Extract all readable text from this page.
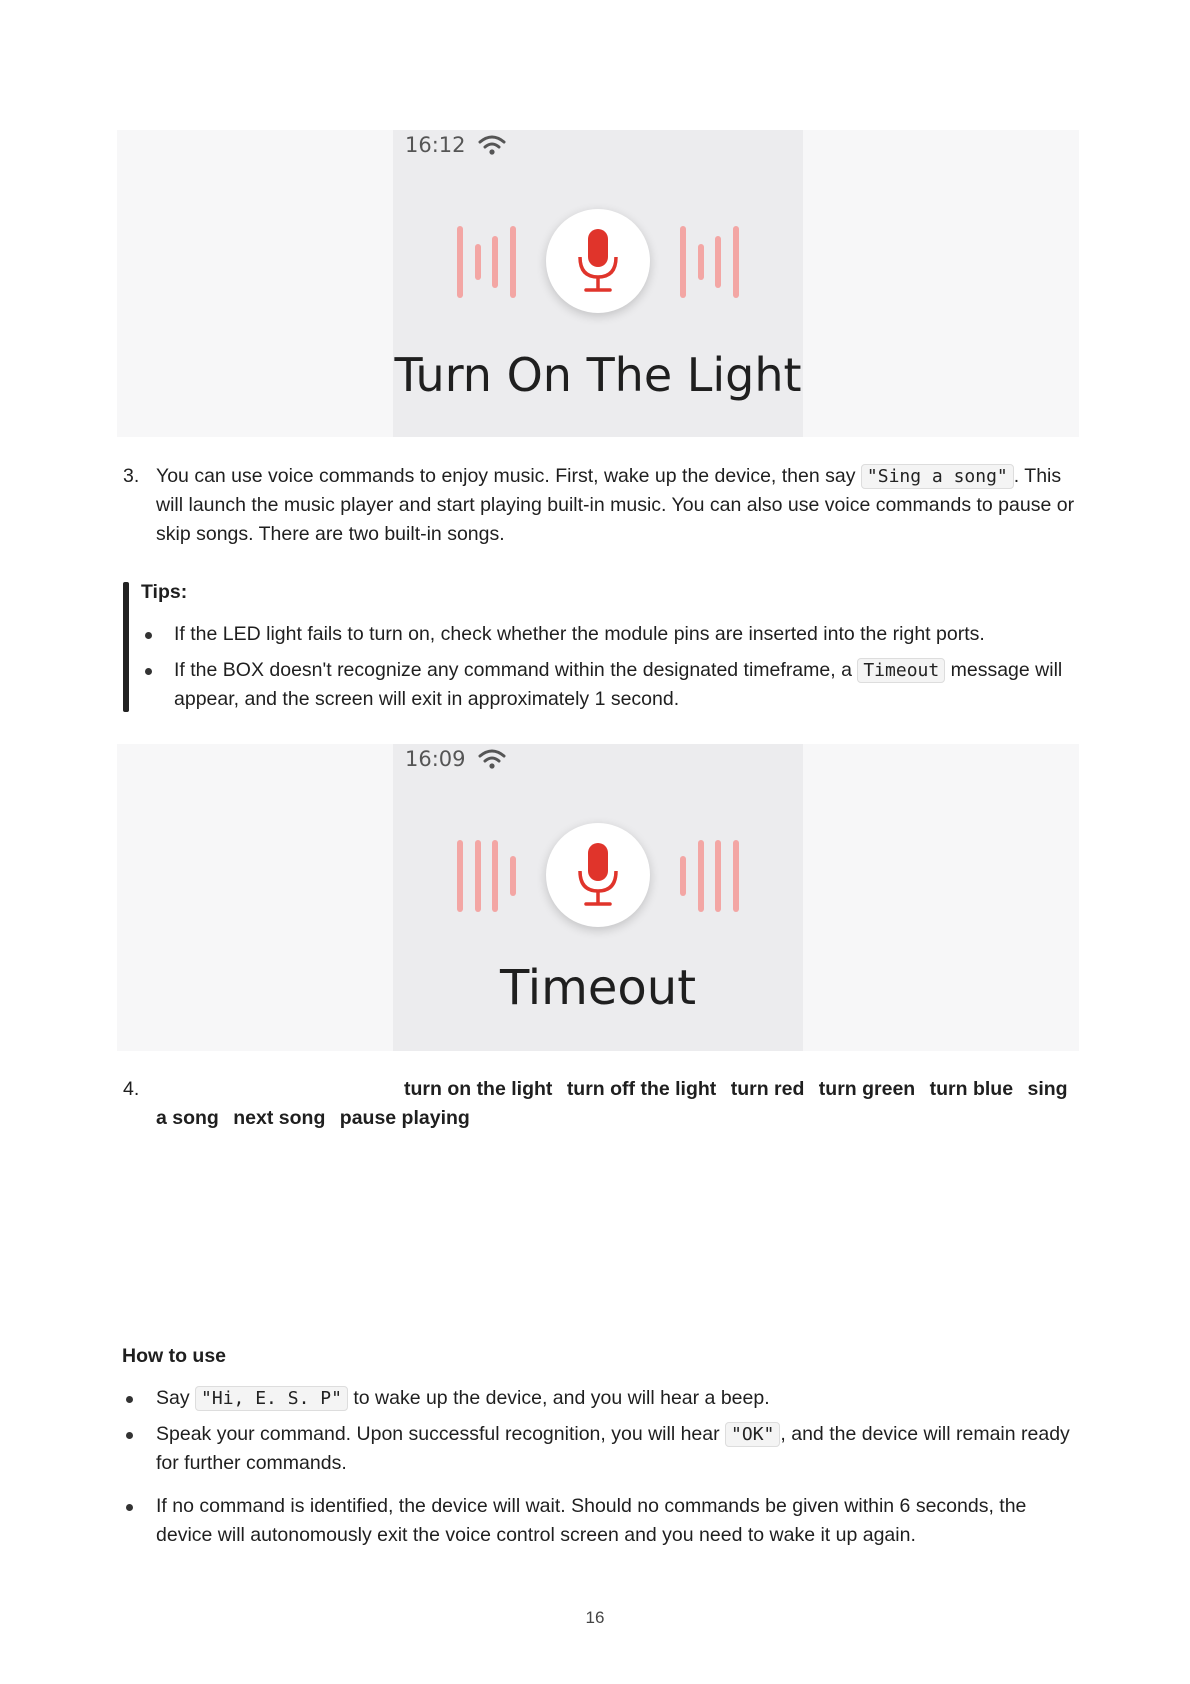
16:12
Turn On The Light
3. You can use voice commands to enjoy music. First, wake up the device, then say "Sing a song" . This will launch the music player and start playing built-in music. You can also use voice commands to pause or skip songs. There are two built-in songs.
Tips:
If the LED light fails to turn on, check whether the module pins are inserted into the right ports.
If the BOX doesn't recognize any command within the designated timeframe, a Timeout message will appear, and the screen will exit in approximately 1 second.
16:09
Timeout
4.	turn on the light turn off the light turn red turn green turn blue sing a song next song pause playing
How to use
Say "Hi, E. S. P" to wake up the device, and you will hear a beep.
Speak your command. Upon successful recognition, you will hear "OK" , and the device will remain ready for further commands.
If no command is identified, the device will wait. Should no commands be given within 6 seconds, the device will autonomously exit the voice control screen and you need to wake it up again.
16
